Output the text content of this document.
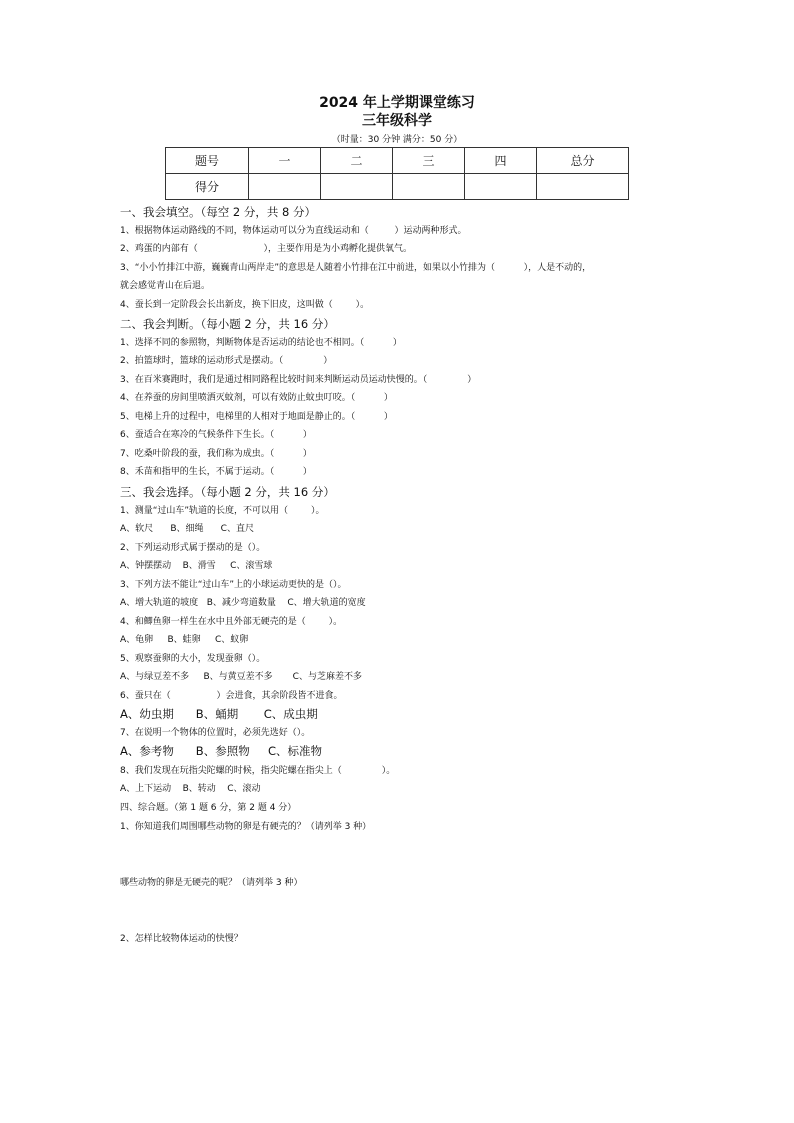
2024 年上学期课堂练习
三年级科学
（时量：30 分钟 满分：50 分）
题号	一	二	三	四	总分
得分					
一、我会填空。（每空 2 分，共 8 分）
1、根据物体运动路线的不同，物体运动可以分为直线运动和（         ）运动两种形式。
2、鸡蛋的内部有（                       ），主要作用是为小鸡孵化提供氧气。
3、“小小竹排江中游，巍巍青山两岸走”的意思是人随着小竹排在江中前进，如果以小竹排为（          ），人是不动的，
就会感觉青山在后退。
4、蚕长到一定阶段会长出新皮，换下旧皮，这叫做（        ）。
二、我会判断。（每小题 2 分，共 16 分）
1、选择不同的参照物，判断物体是否运动的结论也不相同。（          ）
2、拍篮球时，篮球的运动形式是摆动。（              ）
3、在百米赛跑时，我们是通过相同路程比较时间来判断运动员运动快慢的。（              ）
4、在养蚕的房间里喷洒灭蚊剂，可以有效防止蚊虫叮咬。（          ）
5、电梯上升的过程中，电梯里的人相对于地面是静止的。（          ）
6、蚕适合在寒冷的气候条件下生长。（          ）
7、吃桑叶阶段的蚕，我们称为成虫。（          ）
8、禾苗和指甲的生长，不属于运动。（          ）
三、我会选择。（每小题 2 分，共 16 分）
1、测量“过山车”轨道的长度，不可以用（        ）。
A、软尺      B、细绳      C、直尺
2、下列运动形式属于摆动的是（）。
A、钟摆摆动    B、滑雪     C、滚雪球
3、下列方法不能让“过山车”上的小球运动更快的是（）。
A、增大轨道的坡度   B、减少弯道数量    C、增大轨道的宽度
4、和鲫鱼卵一样生在水中且外部无硬壳的是（        ）。
A、龟卵     B、蛙卵     C、蚁卵
5、观察蚕卵的大小，发现蚕卵（）。
A、与绿豆差不多     B、与黄豆差不多       C、与芝麻差不多
6、蚕只在（                ）会进食，其余阶段皆不进食。
A、幼虫期      B、蛹期       C、成虫期
7、在说明一个物体的位置时，必须先选好（）。
A、参考物      B、参照物     C、标准物
8、我们发现在玩指尖陀螺的时候，指尖陀螺在指尖上（              ）。
A、上下运动    B、转动    C、滚动
四、综合题。（第 1 题 6 分，第 2 题 4 分）
1、你知道我们周围哪些动物的卵是有硬壳的？（请列举 3 种）
哪些动物的卵是无硬壳的呢？（请列举 3 种）
2、怎样比较物体运动的快慢？
